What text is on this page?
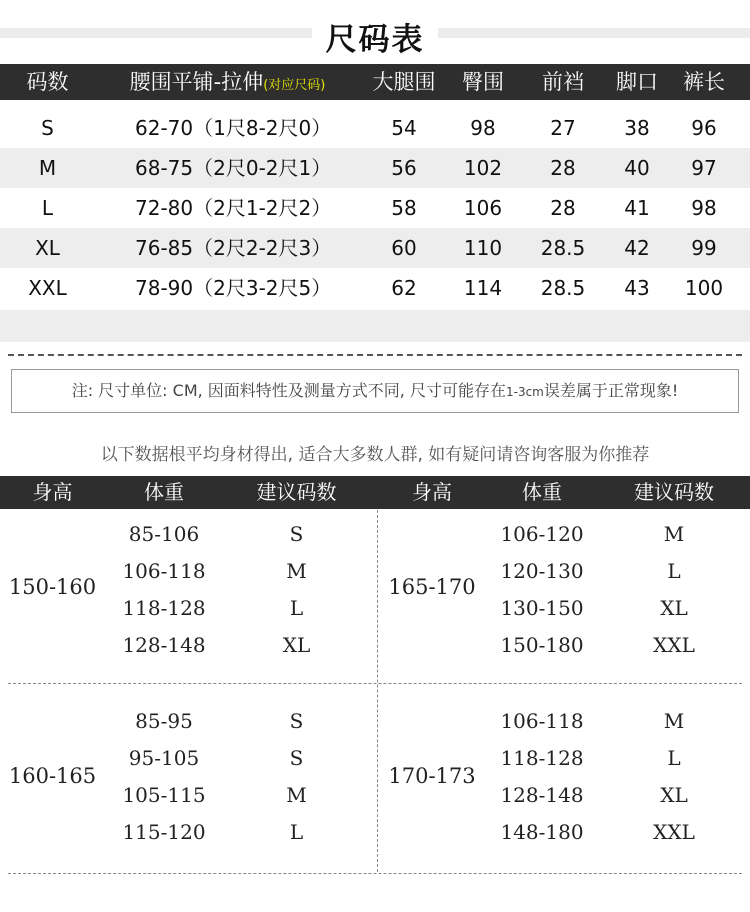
尺码表
码数	腰围平铺-拉伸(对应尺码)	大腿围	臀围	前裆	脚口	裤长
S	62-70（1尺8-2尺0）	54	98	27	38	96
M	68-75（2尺0-2尺1）	56	102	28	40	97
L	72-80（2尺1-2尺2）	58	106	28	41	98
XL	76-85（2尺2-2尺3）	60	110	28.5	42	99
XXL	78-90（2尺3-2尺5）	62	114	28.5	43	100
注: 尺寸单位: CM, 因面料特性及测量方式不同, 尺寸可能存在1-3cm误差属于正常现象!
以下数据根平均身材得出, 适合大多数人群, 如有疑问请咨询客服为你推荐
身高	体重	建议码数	身高	体重	建议码数
150-160
85-106	S
106-118	M
118-128	L
128-148	XL
165-170
106-120	M
120-130	L
130-150	XL
150-180	XXL
160-165
85-95	S
95-105	S
105-115	M
115-120	L
170-173
106-118	M
118-128	L
128-148	XL
148-180	XXL
